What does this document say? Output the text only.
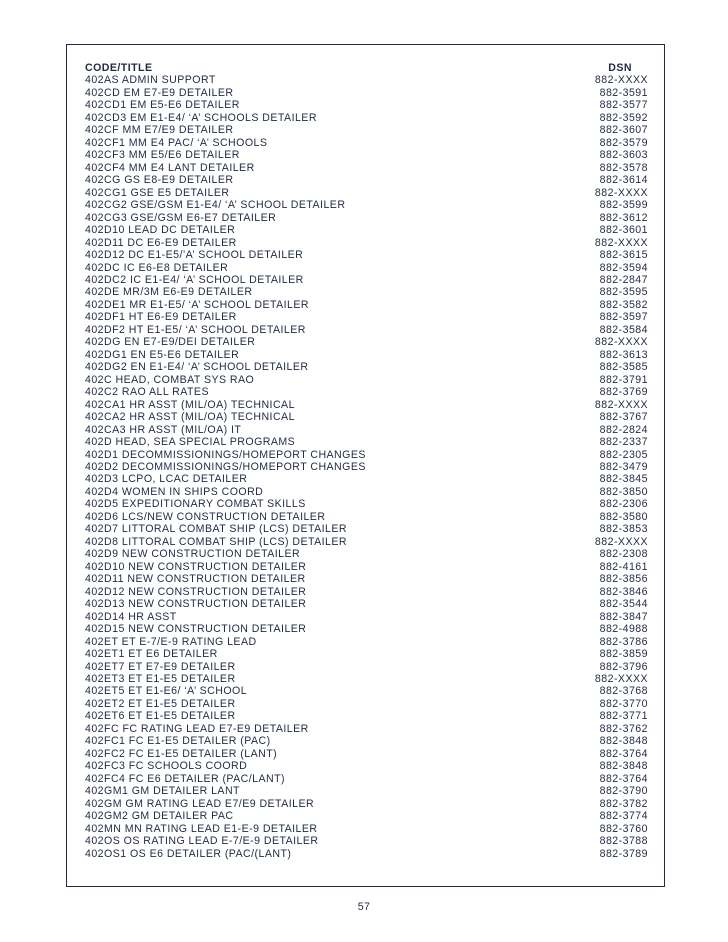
CODE/TITLE	DSN
402AS ADMIN SUPPORT	882-XXXX
402CD EM E7-E9 DETAILER	882-3591
402CD1 EM E5-E6 DETAILER	882-3577
402CD3 EM E1-E4/ ‘A’ SCHOOLS DETAILER	882-3592
402CF MM E7/E9 DETAILER	882-3607
402CF1 MM E4 PAC/ ‘A’ SCHOOLS	882-3579
402CF3 MM E5/E6 DETAILER	882-3603
402CF4 MM E4 LANT DETAILER	882-3578
402CG GS E8-E9 DETAILER	882-3614
402CG1 GSE E5 DETAILER	882-XXXX
402CG2 GSE/GSM E1-E4/ ‘A’ SCHOOL DETAILER	882-3599
402CG3 GSE/GSM E6-E7 DETAILER	882-3612
402D10 LEAD DC DETAILER	882-3601
402D11 DC E6-E9 DETAILER	882-XXXX
402D12 DC E1-E5/’A’ SCHOOL DETAILER	882-3615
402DC IC E6-E8 DETAILER	882-3594
402DC2 IC E1-E4/ ‘A’ SCHOOL DETAILER	882-2847
402DE MR/3M E6-E9 DETAILER	882-3595
402DE1 MR E1-E5/ ‘A’ SCHOOL DETAILER	882-3582
402DF1 HT E6-E9 DETAILER	882-3597
402DF2 HT E1-E5/ ‘A’ SCHOOL DETAILER	882-3584
402DG EN E7-E9/DEI DETAILER	882-XXXX
402DG1 EN E5-E6 DETAILER	882-3613
402DG2 EN E1-E4/ ‘A’ SCHOOL DETAILER	882-3585
402C HEAD, COMBAT SYS RAO	882-3791
402C2 RAO ALL RATES	882-3769
402CA1 HR ASST (MIL/OA) TECHNICAL	882-XXXX
402CA2 HR ASST (MIL/OA) TECHNICAL	882-3767
402CA3 HR ASST (MIL/OA) IT	882-2824
402D HEAD, SEA SPECIAL PROGRAMS	882-2337
402D1 DECOMMISSIONINGS/HOMEPORT CHANGES	882-2305
402D2 DECOMMISSIONINGS/HOMEPORT CHANGES	882-3479
402D3 LCPO, LCAC DETAILER	882-3845
402D4 WOMEN IN SHIPS COORD	882-3850
402D5 EXPEDITIONARY COMBAT SKILLS	882-2306
402D6 LCS/NEW CONSTRUCTION DETAILER	882-3580
402D7 LITTORAL COMBAT SHIP (LCS) DETAILER	882-3853
402D8 LITTORAL COMBAT SHIP (LCS) DETAILER	882-XXXX
402D9 NEW CONSTRUCTION DETAILER	882-2308
402D10 NEW CONSTRUCTION DETAILER	882-4161
402D11 NEW CONSTRUCTION DETAILER	882-3856
402D12 NEW CONSTRUCTION DETAILER	882-3846
402D13 NEW CONSTRUCTION DETAILER	882-3544
402D14 HR ASST	882-3847
402D15 NEW CONSTRUCTION DETAILER	882-4988
402ET ET E-7/E-9 RATING LEAD	882-3786
402ET1 ET E6 DETAILER	882-3859
402ET7 ET E7-E9 DETAILER	882-3796
402ET3 ET E1-E5 DETAILER	882-XXXX
402ET5 ET E1-E6/ ‘A’ SCHOOL	882-3768
402ET2 ET E1-E5 DETAILER	882-3770
402ET6 ET E1-E5 DETAILER	882-3771
402FC FC RATING LEAD E7-E9 DETAILER	882-3762
402FC1 FC E1-E5 DETAILER (PAC)	882-3848
402FC2 FC E1-E5 DETAILER (LANT)	882-3764
402FC3 FC SCHOOLS COORD	882-3848
402FC4 FC E6 DETAILER (PAC/LANT)	882-3764
402GM1 GM DETAILER LANT	882-3790
402GM GM RATING LEAD E7/E9 DETAILER	882-3782
402GM2 GM DETAILER PAC	882-3774
402MN MN RATING LEAD E1-E-9 DETAILER	882-3760
402OS OS RATING LEAD E-7/E-9 DETAILER	882-3788
402OS1 OS E6 DETAILER (PAC/(LANT)	882-3789
57
